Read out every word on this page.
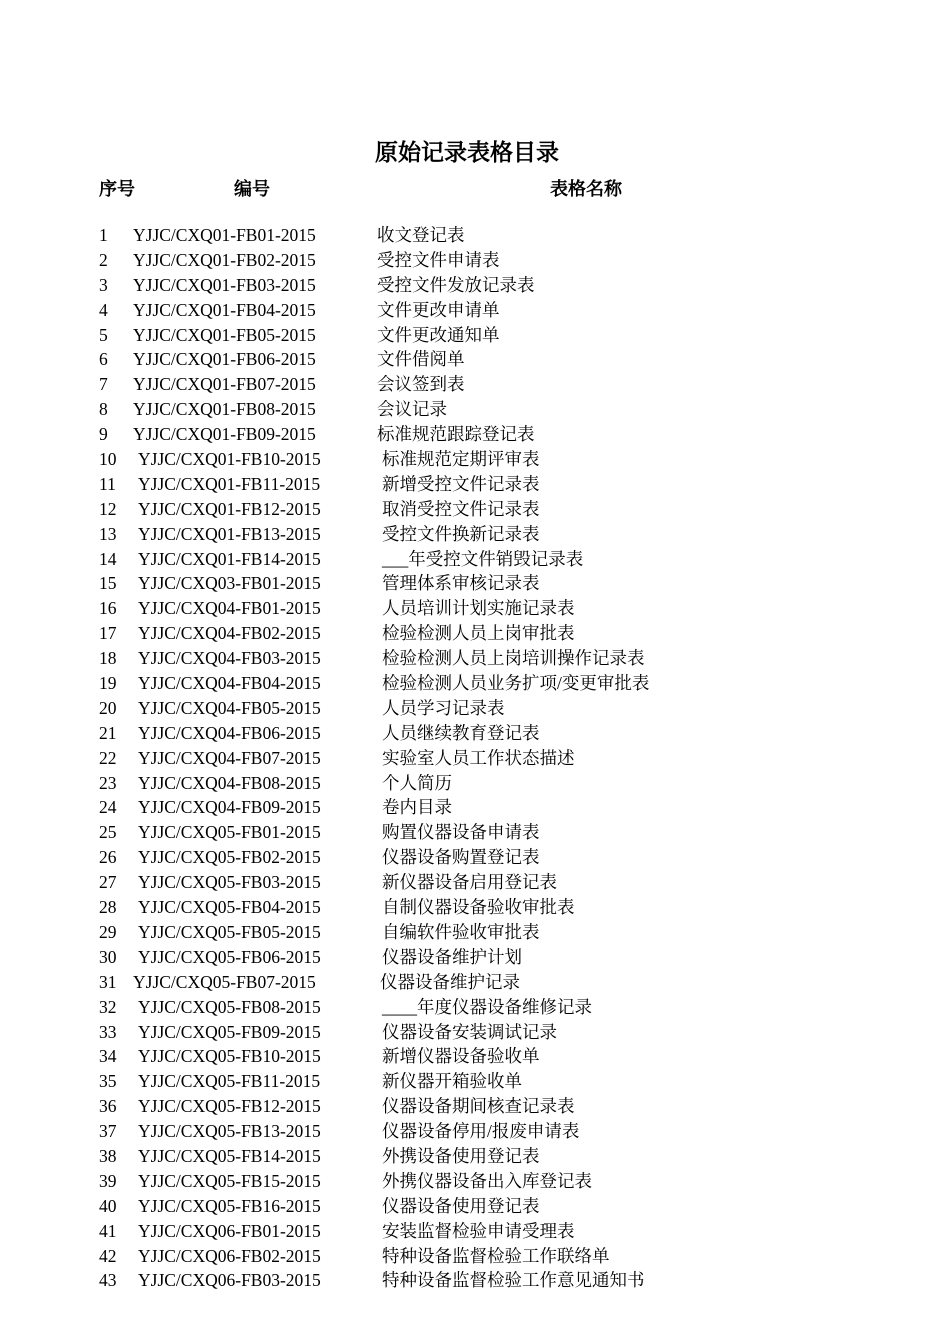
原始记录表格目录
序号	编号	表格名称
1 YJJC/CXQ01-FB01-2015	收文登记表
2 YJJC/CXQ01-FB02-2015	受控文件申请表
3 YJJC/CXQ01-FB03-2015	受控文件发放记录表
4 YJJC/CXQ01-FB04-2015	文件更改申请单
5 YJJC/CXQ01-FB05-2015	文件更改通知单
6 YJJC/CXQ01-FB06-2015	文件借阅单
7 YJJC/CXQ01-FB07-2015	会议签到表
8 YJJC/CXQ01-FB08-2015	会议记录
9 YJJC/CXQ01-FB09-2015	标准规范跟踪登记表
10 YJJC/CXQ01-FB10-2015	标准规范定期评审表
11 YJJC/CXQ01-FB11-2015	新增受控文件记录表
12 YJJC/CXQ01-FB12-2015	取消受控文件记录表
13 YJJC/CXQ01-FB13-2015	受控文件换新记录表
14 YJJC/CXQ01-FB14-2015	___年受控文件销毁记录表
15 YJJC/CXQ03-FB01-2015	管理体系审核记录表
16 YJJC/CXQ04-FB01-2015	人员培训计划实施记录表
17 YJJC/CXQ04-FB02-2015	检验检测人员上岗审批表
18 YJJC/CXQ04-FB03-2015	检验检测人员上岗培训操作记录表
19 YJJC/CXQ04-FB04-2015	检验检测人员业务扩项/变更审批表
20 YJJC/CXQ04-FB05-2015	人员学习记录表
21 YJJC/CXQ04-FB06-2015	人员继续教育登记表
22 YJJC/CXQ04-FB07-2015	实验室人员工作状态描述
23 YJJC/CXQ04-FB08-2015	个人简历
24 YJJC/CXQ04-FB09-2015	卷内目录
25 YJJC/CXQ05-FB01-2015	购置仪器设备申请表
26 YJJC/CXQ05-FB02-2015	仪器设备购置登记表
27 YJJC/CXQ05-FB03-2015	新仪器设备启用登记表
28 YJJC/CXQ05-FB04-2015	自制仪器设备验收审批表
29 YJJC/CXQ05-FB05-2015	自编软件验收审批表
30 YJJC/CXQ05-FB06-2015	仪器设备维护计划
31 YJJC/CXQ05-FB07-2015	仪器设备维护记录
32 YJJC/CXQ05-FB08-2015	____年度仪器设备维修记录
33 YJJC/CXQ05-FB09-2015	仪器设备安装调试记录
34 YJJC/CXQ05-FB10-2015	新增仪器设备验收单
35 YJJC/CXQ05-FB11-2015	新仪器开箱验收单
36 YJJC/CXQ05-FB12-2015	仪器设备期间核查记录表
37 YJJC/CXQ05-FB13-2015	仪器设备停用/报废申请表
38 YJJC/CXQ05-FB14-2015	外携设备使用登记表
39 YJJC/CXQ05-FB15-2015	外携仪器设备出入库登记表
40 YJJC/CXQ05-FB16-2015	仪器设备使用登记表
41 YJJC/CXQ06-FB01-2015	安装监督检验申请受理表
42 YJJC/CXQ06-FB02-2015	特种设备监督检验工作联络单
43 YJJC/CXQ06-FB03-2015	特种设备监督检验工作意见通知书
